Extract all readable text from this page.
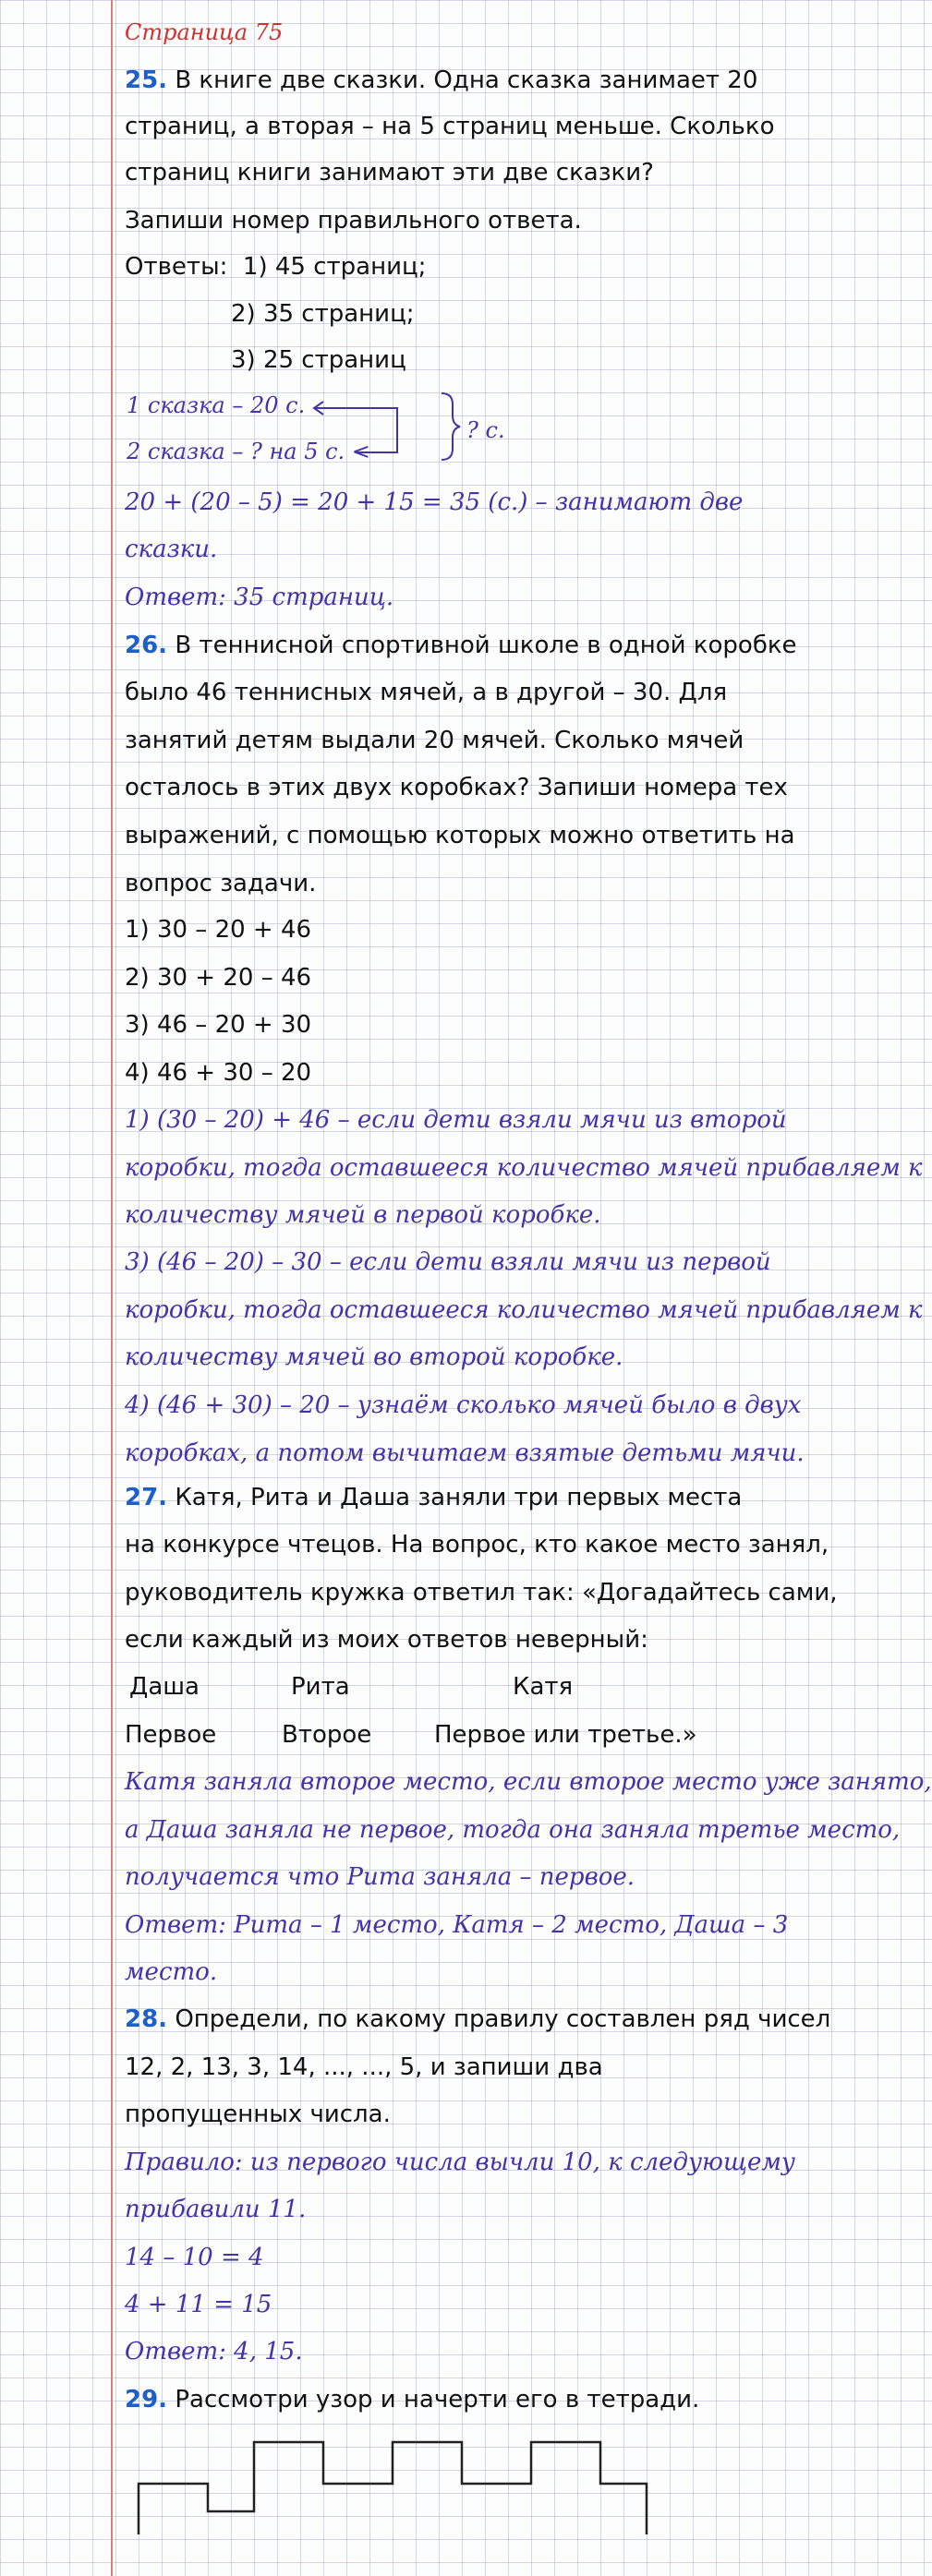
Страница 75
25. В книге две сказки. Одна сказка занимает 20
страниц, а вторая – на 5 страниц меньше. Сколько
страниц книги занимают эти две сказки?
Запиши номер правильного ответа.
Ответы: 1) 45 страниц;
2) 35 страниц;
3) 25 страниц
1 сказка – 20 с.
2 сказка – ? на 5 с. <
? с.
20 + (20 – 5) = 20 + 15 = 35 (с.) – занимают две
сказки.
Ответ: 35 страниц.
26. В теннисной спортивной школе в одной коробке
было 46 теннисных мячей, а в другой – 30. Для
занятий детям выдали 20 мячей. Сколько мячей
осталось в этих двух коробках? Запиши номера тех
выражений, с помощью которых можно ответить на
вопрос задачи.
1) 30 – 20 + 46
2) 30 + 20 – 46
3) 46 – 20 + 30
4) 46 + 30 – 20
1) (30 – 20) + 46 – если дети взяли мячи из второй
коробки, тогда оставшееся количество мячей прибавляем к
количеству мячей в первой коробке.
3) (46 – 20) – 30 – если дети взяли мячи из первой
коробки, тогда оставшееся количество мячей прибавляем к
количеству мячей во второй коробке.
4) (46 + 30) – 20 – узнаём сколько мячей было в двух
коробках, а потом вычитаем взятые детьми мячи.
27. Катя, Рита и Даша заняли три первых места
на конкурсе чтецов. На вопрос, кто какое место занял,
руководитель кружка ответил так: «Догадайтесь сами,
если каждый из моих ответов неверный:
Даша	Рита	Катя
Первое	Второе	Первое или третье.»
Катя заняла второе место, если второе место уже занято,
а Даша заняла не первое, тогда она заняла третье место,
получается что Рита заняла – первое.
Ответ: Рита – 1 место, Катя – 2 место, Даша – 3
место.
28. Определи, по какому правилу составлен ряд чисел
12, 2, 13, 3, 14, ..., ..., 5, и запиши два
пропущенных числа.
Правило: из первого числа вычли 10, к следующему
прибавили 11.
14 – 10 = 4
4 + 11 = 15
Ответ: 4, 15.
29. Рассмотри узор и начерти его в тетради.
